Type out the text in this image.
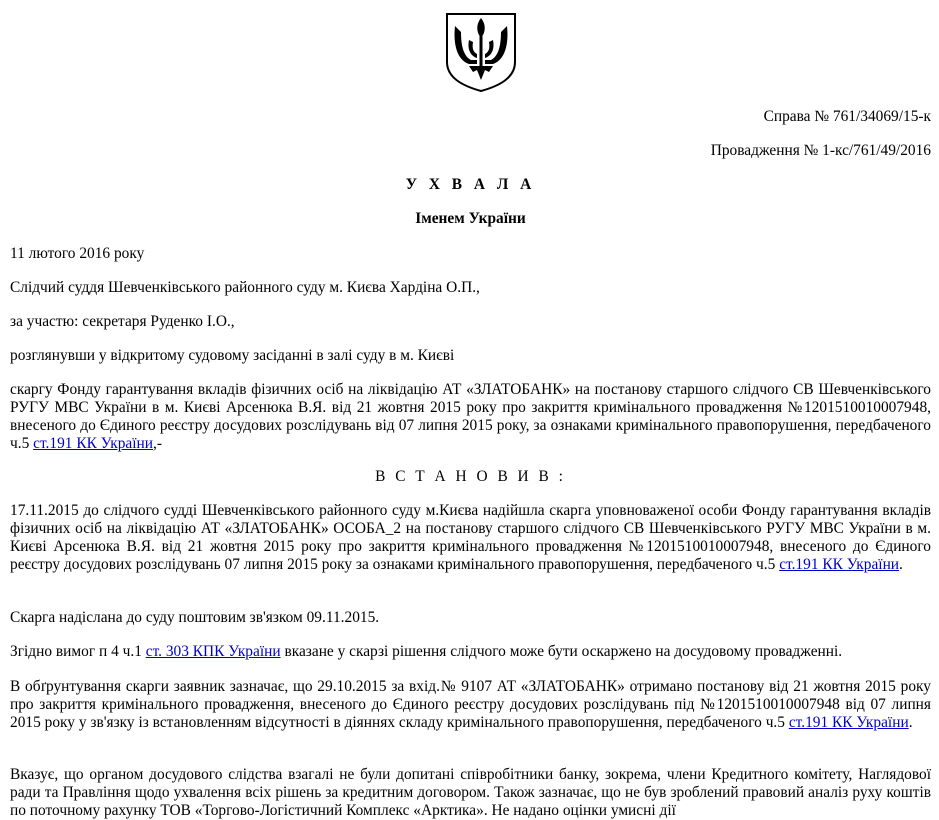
Справа № 761/34069/15-к

Провадження № 1-кс/761/49/2016

У Х В А Л А

Іменем України

11 лютого 2016 року

Слідчий суддя Шевченківського районного суду м. Києва Хардіна О.П.,

за участю: секретаря Руденко І.О.,

розглянувши у відкритому судовому засіданні в залі суду в м. Києві

скаргу Фонду гарантування вкладів фізичних осіб на ліквідацію АТ «ЗЛАТОБАНК» на постанову старшого слідчого СВ Шевченківського РУГУ МВС України в м. Києві Арсенюка В.Я. від 21 жовтня 2015 року про закриття кримінального провадження №1201510010007948, внесеного до Єдиного реєстру досудових розслідувань від 07 липня 2015 року, за ознаками кримінального правопорушення, передбаченого ч.5 ст.191 КК України,-

В С Т А Н О В И В :

17.11.2015 до слідчого судді Шевченківського районного суду м.Києва надійшла скарга уповноваженої особи Фонду гарантування вкладів фізичних осіб на ліквідацію АТ «ЗЛАТОБАНК» ОСОБА_2 на постанову старшого слідчого СВ Шевченківського РУГУ МВС України в м. Києві Арсенюка В.Я. від 21 жовтня 2015 року про закриття кримінального провадження №1201510010007948, внесеного до Єдиного реєстру досудових розслідувань 07 липня 2015 року за ознаками кримінального правопорушення, передбаченого ч.5 ст.191 КК України.

Скарга надіслана до суду поштовим зв'язком 09.11.2015.

Згідно вимог п 4 ч.1 ст. 303 КПК України вказане у скарзі рішення слідчого може бути оскаржено на досудовому провадженні.

В обґрунтування скарги заявник зазначає, що 29.10.2015 за вхід.№ 9107 АТ «ЗЛАТОБАНК» отримано постанову від 21 жовтня 2015 року про закриття кримінального провадження, внесеного до Єдиного реєстру досудових розслідувань під №1201510010007948 від 07 липня 2015 року у зв'язку із встановленням відсутності в діяннях складу кримінального правопорушення, передбаченого ч.5 ст.191 КК України.

Вказує, що органом досудового слідства взагалі не були допитані співробітники банку, зокрема, члени Кредитного комітету, Наглядової ради та Правління щодо ухвалення всіх рішень за кредитним договором. Також зазначає, що не був зроблений правовий аналіз руху коштів по поточному рахунку ТОВ «Торгово-Логістичний Комплекс «Арктика». Не надано оцінки умисні дії
